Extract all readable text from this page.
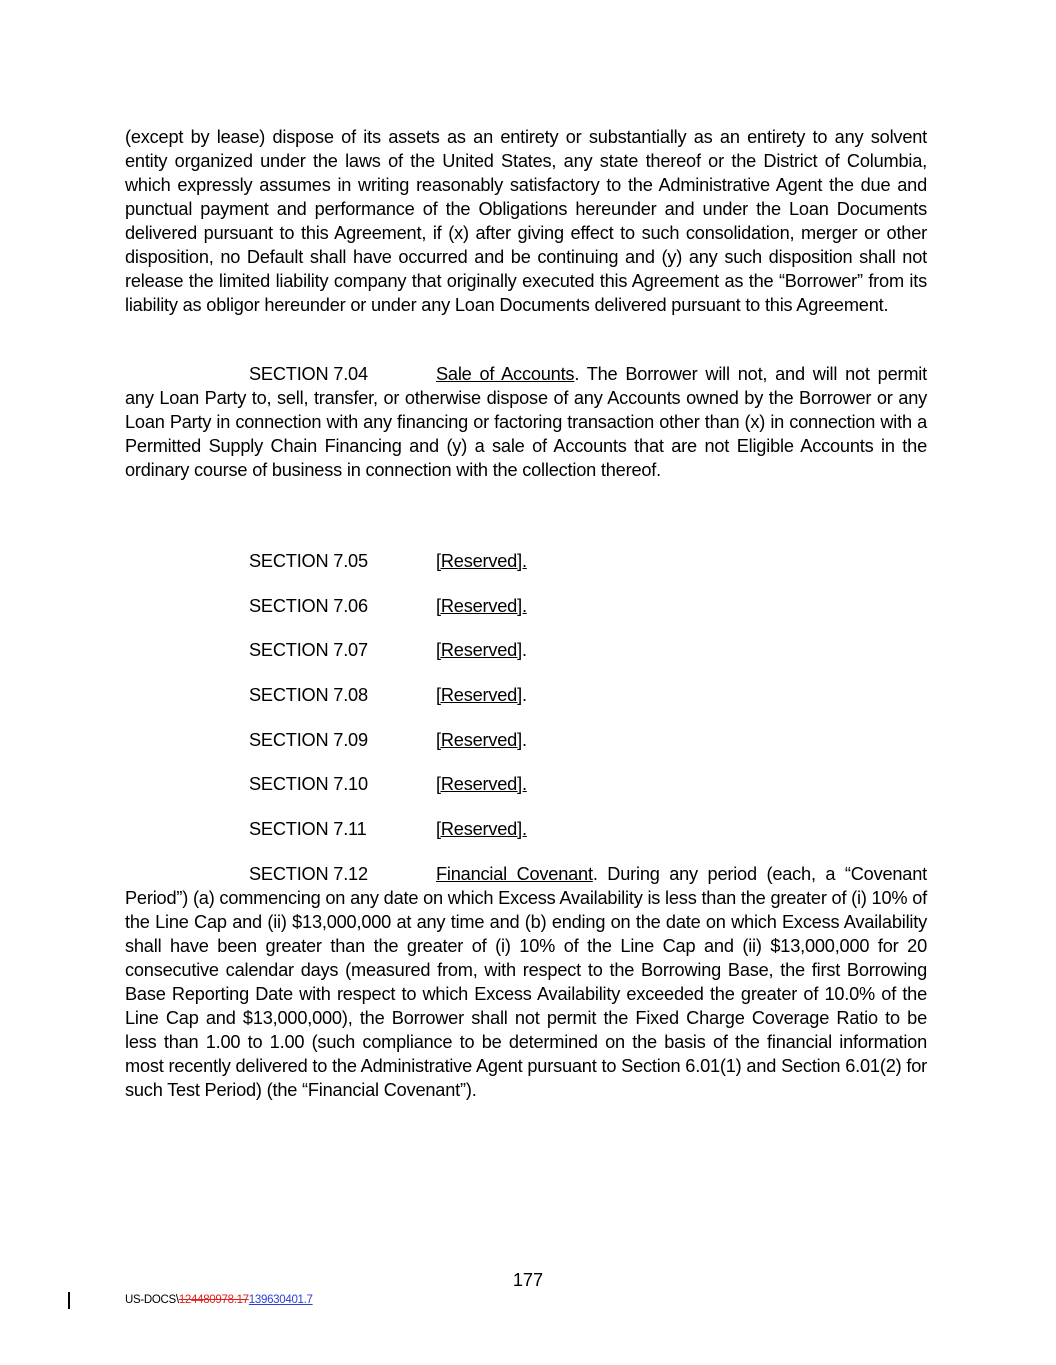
(except by lease) dispose of its assets as an entirety or substantially as an entirety to any solvent entity organized under the laws of the United States, any state thereof or the District of Columbia, which expressly assumes in writing reasonably satisfactory to the Administrative Agent the due and punctual payment and performance of the Obligations hereunder and under the Loan Documents delivered pursuant to this Agreement, if (x) after giving effect to such consolidation, merger or other disposition, no Default shall have occurred and be continuing and (y) any such disposition shall not release the limited liability company that originally executed this Agreement as the “Borrower” from its liability as obligor hereunder or under any Loan Documents delivered pursuant to this Agreement.

SECTION 7.04	Sale of Accounts. The Borrower will not, and will not permit any Loan Party to, sell, transfer, or otherwise dispose of any Accounts owned by the Borrower or any Loan Party in connection with any financing or factoring transaction other than (x) in connection with a Permitted Supply Chain Financing and (y) a sale of Accounts that are not Eligible Accounts in the ordinary course of business in connection with the collection thereof.

SECTION 7.05	[Reserved].
SECTION 7.06	[Reserved].
SECTION 7.07	[Reserved].
SECTION 7.08	[Reserved].
SECTION 7.09	[Reserved].
SECTION 7.10	[Reserved].
SECTION 7.11	[Reserved].

SECTION 7.12	Financial Covenant. During any period (each, a “Covenant Period”) (a) commencing on any date on which Excess Availability is less than the greater of (i) 10% of the Line Cap and (ii) $13,000,000 at any time and (b) ending on the date on which Excess Availability shall have been greater than the greater of (i) 10% of the Line Cap and (ii) $13,000,000 for 20 consecutive calendar days (measured from, with respect to the Borrowing Base, the first Borrowing Base Reporting Date with respect to which Excess Availability exceeded the greater of 10.0% of the Line Cap and $13,000,000), the Borrower shall not permit the Fixed Charge Coverage Ratio to be less than 1.00 to 1.00 (such compliance to be determined on the basis of the financial information most recently delivered to the Administrative Agent pursuant to Section 6.01(1) and Section 6.01(2) for such Test Period) (the “Financial Covenant”).

177
US-DOCS\124480978.17139630401.7
